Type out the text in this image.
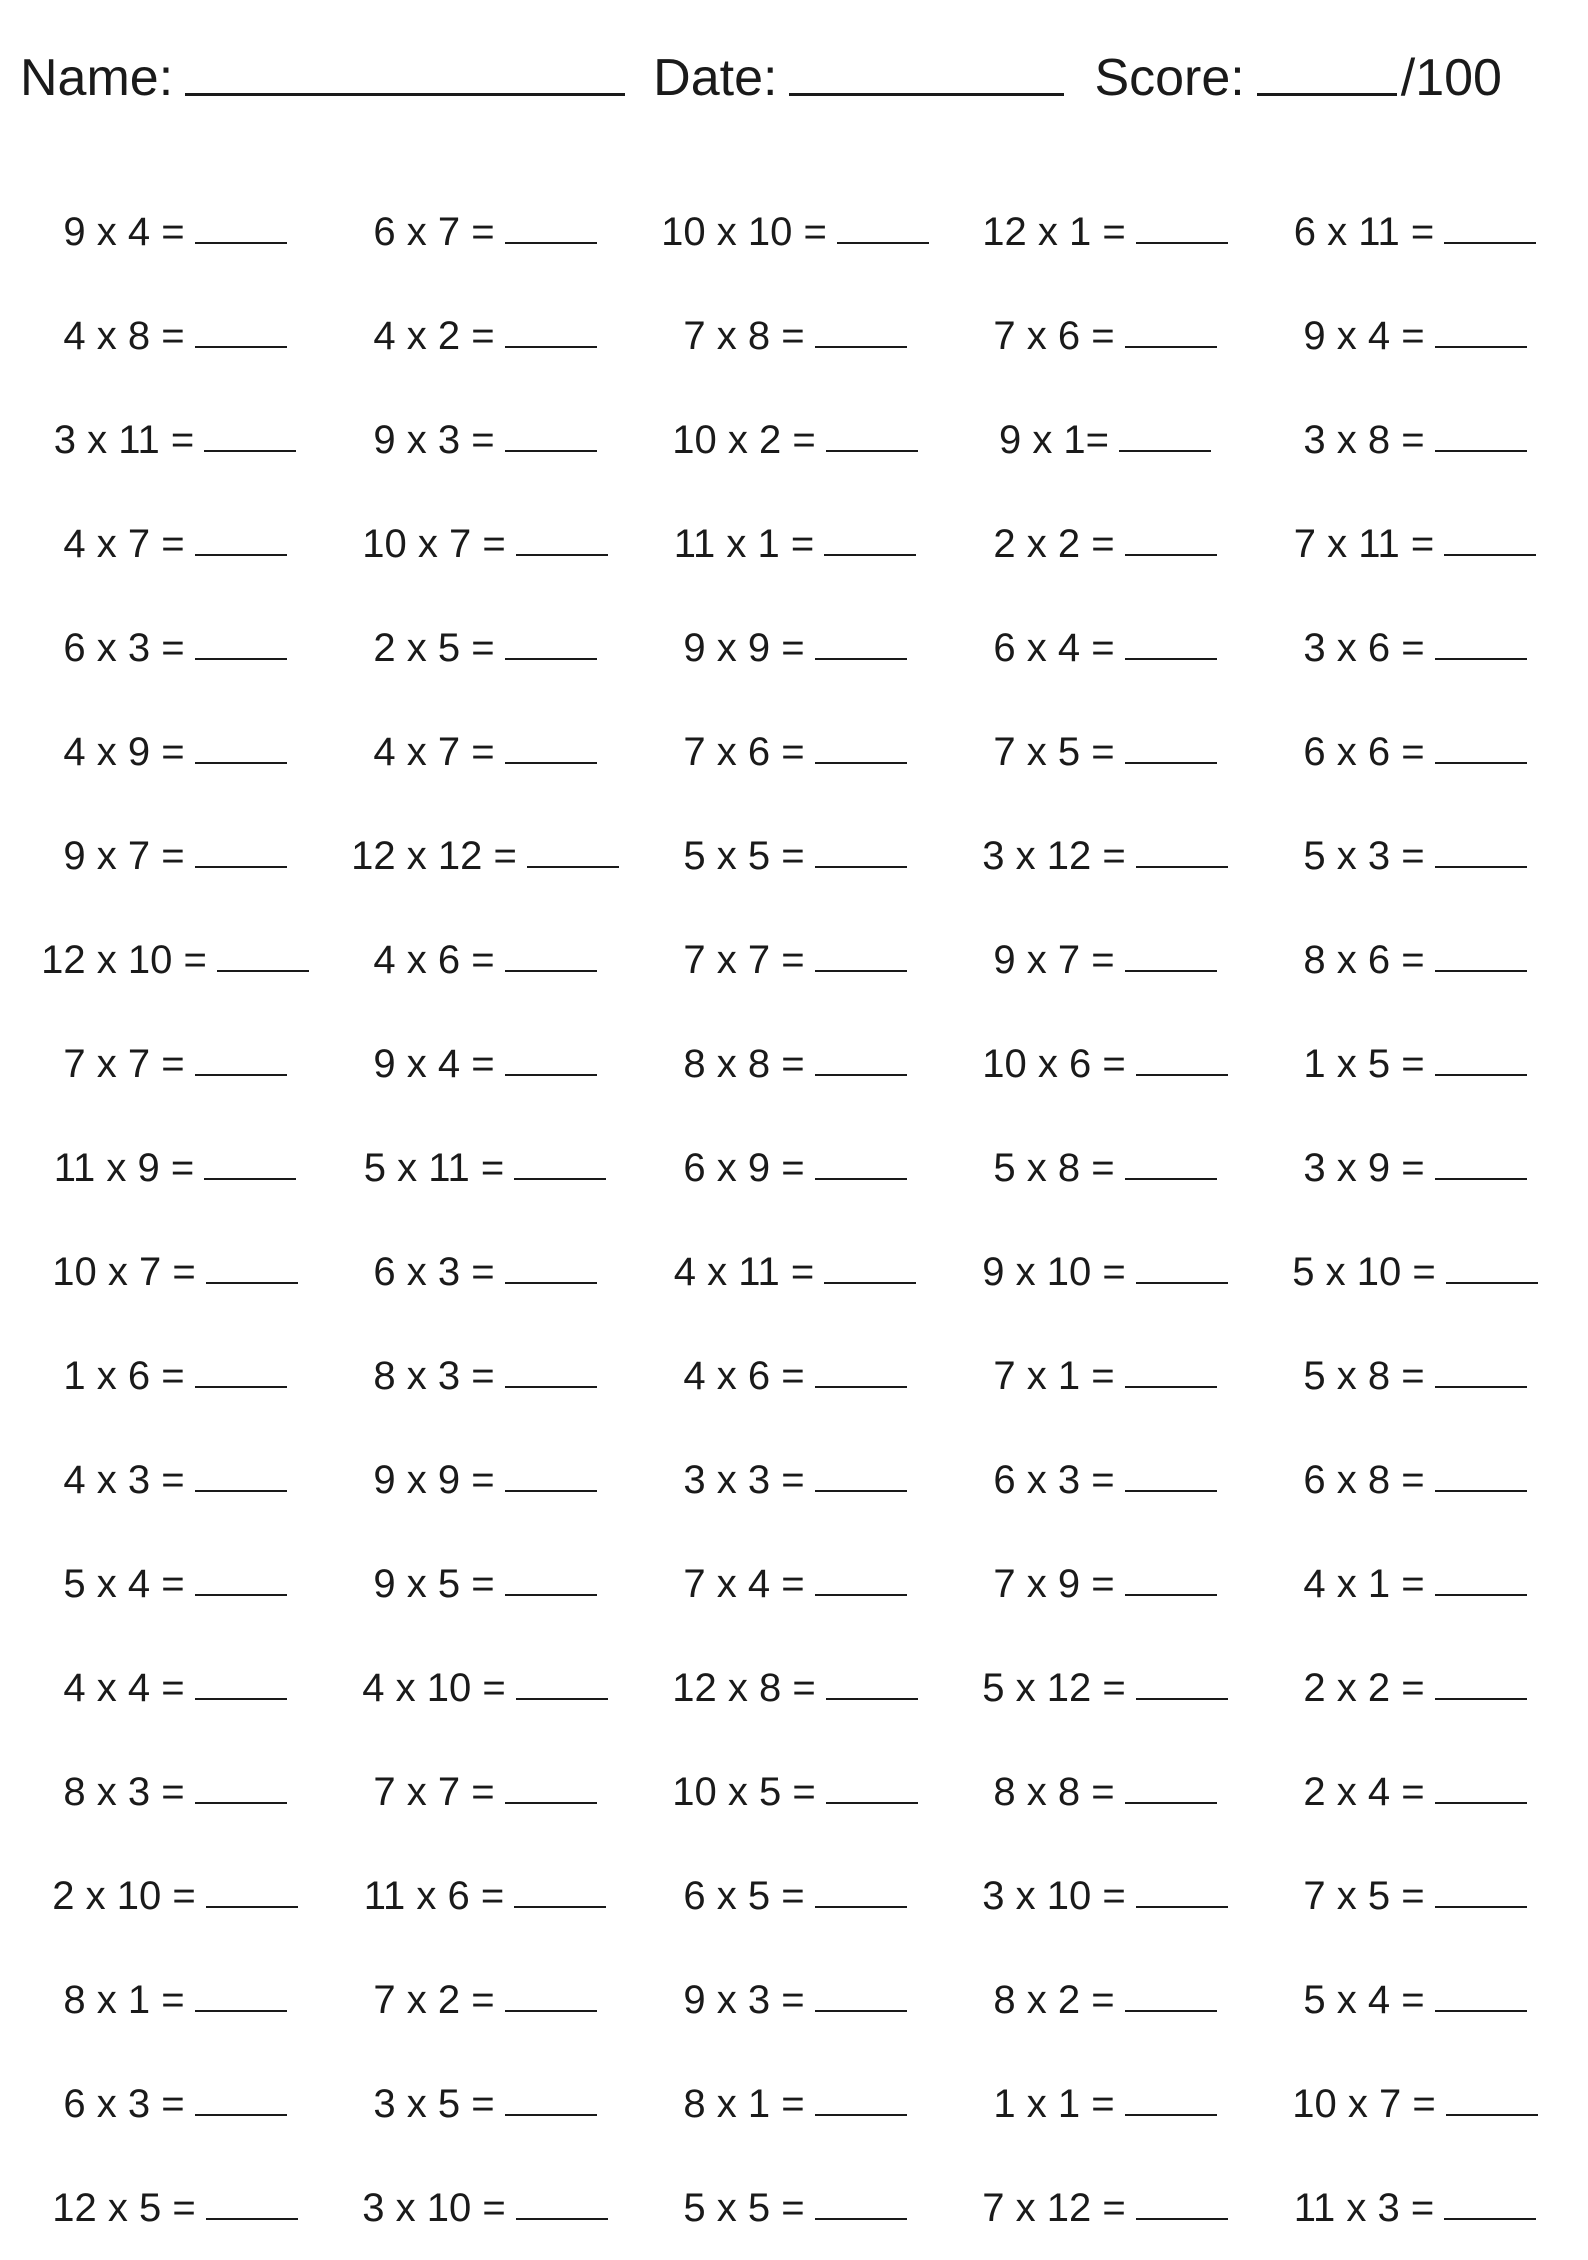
Name:	Date:	Score:	/100
9 x 4 =	6 x 7 =	10 x 10 =	12 x 1 =	6 x 11 =
4 x 8 =	4 x 2 =	7 x 8 =	7 x 6 =	9 x 4 =
3 x 11 =	9 x 3 =	10 x 2 =	9 x 1=	3 x 8 =
4 x 7 =	10 x 7 =	11 x 1 =	2 x 2 =	7 x 11 =
6 x 3 =	2 x 5 =	9 x 9 =	6 x 4 =	3 x 6 =
4 x 9 =	4 x 7 =	7 x 6 =	7 x 5 =	6 x 6 =
9 x 7 =	12 x 12 =	5 x 5 =	3 x 12 =	5 x 3 =
12 x 10 =	4 x 6 =	7 x 7 =	9 x 7 =	8 x 6 =
7 x 7 =	9 x 4 =	8 x 8 =	10 x 6 =	1 x 5 =
11 x 9 =	5 x 11 =	6 x 9 =	5 x 8 =	3 x 9 =
10 x 7 =	6 x 3 =	4 x 11 =	9 x 10 =	5 x 10 =
1 x 6 =	8 x 3 =	4 x 6 =	7 x 1 =	5 x 8 =
4 x 3 =	9 x 9 =	3 x 3 =	6 x 3 =	6 x 8 =
5 x 4 =	9 x 5 =	7 x 4 =	7 x 9 =	4 x 1 =
4 x 4 =	4 x 10 =	12 x 8 =	5 x 12 =	2 x 2 =
8 x 3 =	7 x 7 =	10 x 5 =	8 x 8 =	2 x 4 =
2 x 10 =	11 x 6 =	6 x 5 =	3 x 10 =	7 x 5 =
8 x 1 =	7 x 2 =	9 x 3 =	8 x 2 =	5 x 4 =
6 x 3 =	3 x 5 =	8 x 1 =	1 x 1 =	10 x 7 =
12 x 5 =	3 x 10 =	5 x 5 =	7 x 12 =	11 x 3 =
